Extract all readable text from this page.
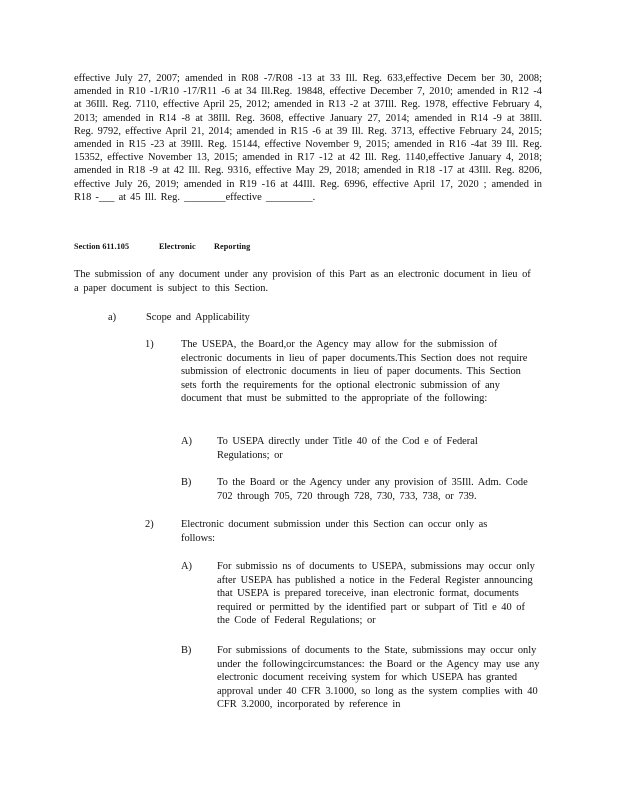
effective July 27, 2007; amended in R08 -7/R08 -13 at 33 Ill. Reg. 633,effective Decem ber 30, 2008; amended in R10 -1/R10 -17/R11 -6 at 34 Ill.Reg. 19848, effective December 7, 2010; amended in R12 -4 at 36Ill. Reg. 7110, effective April 25, 2012; amended in R13 -2 at 37Ill. Reg. 1978, effective February 4, 2013; amended in R14 -8 at 38Ill. Reg. 3608, effective January 27, 2014; amended in R14 -9 at 38Ill. Reg. 9792, effective April 21, 2014; amended in R15 -6 at 39 Ill. Reg. 3713, effective February 24, 2015; amended in R15 -23 at 39Ill. Reg. 15144, effective November 9, 2015; amended in R16 -4at 39 Ill. Reg. 15352, effective November 13, 2015; amended in R17 -12 at 42 Ill. Reg. 1140,effective January 4, 2018; amended in R18 -9 at 42 Ill. Reg. 9316, effective May 29, 2018; amended in R18 -17 at 43Ill. Reg. 8206, effective July 26, 2019; amended in R19 -16 at 44Ill. Reg. 6996, effective April 17, 2020 ; amended in R18 -___ at 45 Ill. Reg. ________effective _________.

Section 611.105	Electronic Reporting

The submission of any document under any provision of this Part as an electronic document in lieu of a paper document is subject to this Section.

a)	Scope and Applicability
1)	The USEPA, the Board,or the Agency may allow for the submission of electronic documents in lieu of paper documents.This Section does not require submission of electronic documents in lieu of paper documents. This Section sets forth the requirements for the optional electronic submission of any document that must be submitted to the appropriate of the following:

A) To USEPA directly under Title 40 of the Cod e of Federal Regulations; or

B) To the Board or the Agency under any provision of 35Ill. Adm. Code 702 through 705, 720 through 728, 730, 733, 738, or 739.

2)	Electronic document submission under this Section can occur only as follows:

A) For submissio ns of documents to USEPA, submissions may occur only after USEPA has published a notice in the Federal Register announcing that USEPA is prepared toreceive, inan electronic format, documents required or permitted by the identified part or subpart of Titl e 40 of the Code of Federal Regulations; or

B) For submissions of documents to the State, submissions may occur only under the followingcircumstances: the Board or the Agency may use any electronic document receiving system for which USEPA has granted approval under 40 CFR 3.1000, so long as the system complies with 40 CFR 3.2000, incorporated by reference in
